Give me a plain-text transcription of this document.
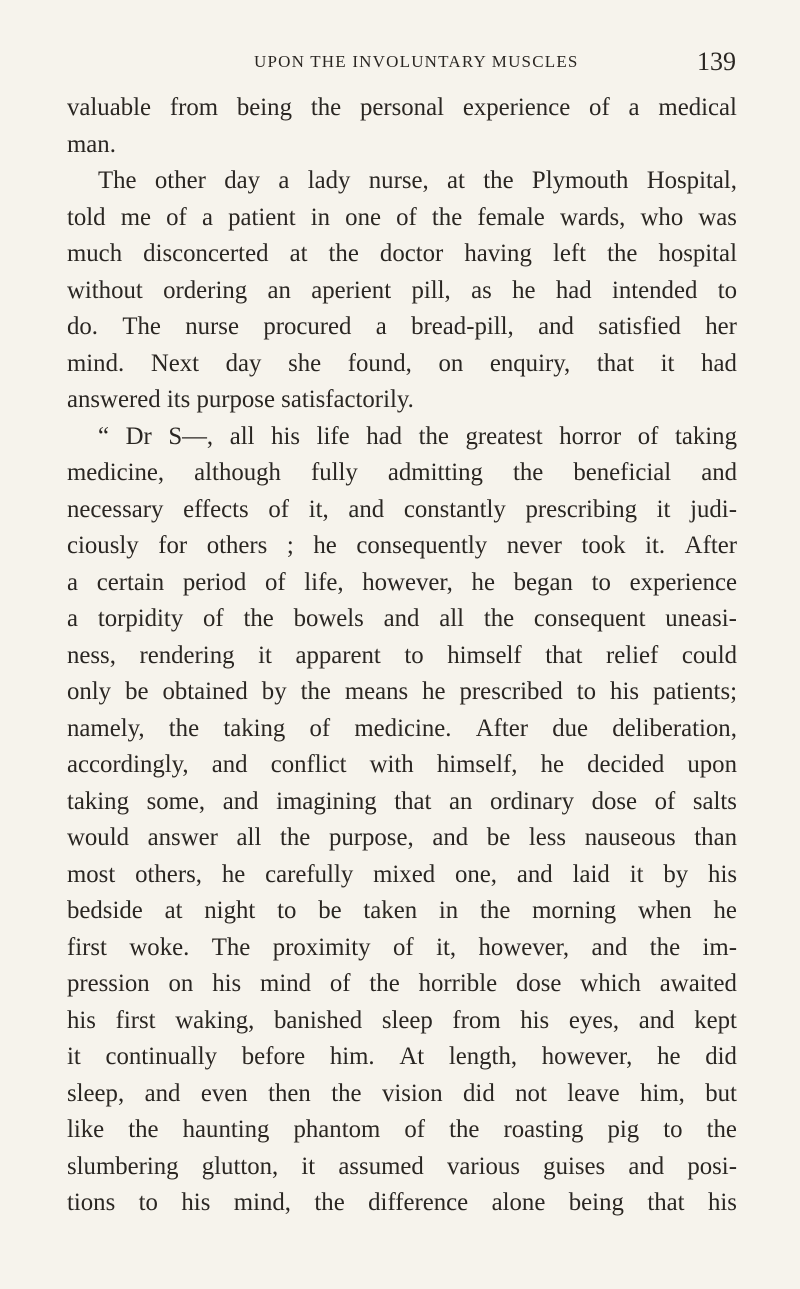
UPON THE INVOLUNTARY MUSCLES	139
valuable from being the personal experience of a medical
man.
The other day a lady nurse, at the Plymouth Hospital,
told me of a patient in one of the female wards, who was
much disconcerted at the doctor having left the hospital
without ordering an aperient pill, as he had intended to
do. The nurse procured a bread-pill, and satisfied her
mind. Next day she found, on enquiry, that it had
answered its purpose satisfactorily.
“ Dr S—, all his life had the greatest horror of taking
medicine, although fully admitting the beneficial and
necessary effects of it, and constantly prescribing it judi-
ciously for others ; he consequently never took it. After
a certain period of life, however, he began to experience
a torpidity of the bowels and all the consequent uneasi-
ness, rendering it apparent to himself that relief could
only be obtained by the means he prescribed to his patients;
namely, the taking of medicine. After due deliberation,
accordingly, and conflict with himself, he decided upon
taking some, and imagining that an ordinary dose of salts
would answer all the purpose, and be less nauseous than
most others, he carefully mixed one, and laid it by his
bedside at night to be taken in the morning when he
first woke. The proximity of it, however, and the im-
pression on his mind of the horrible dose which awaited
his first waking, banished sleep from his eyes, and kept
it continually before him. At length, however, he did
sleep, and even then the vision did not leave him, but
like the haunting phantom of the roasting pig to the
slumbering glutton, it assumed various guises and posi-
tions to his mind, the difference alone being that his
